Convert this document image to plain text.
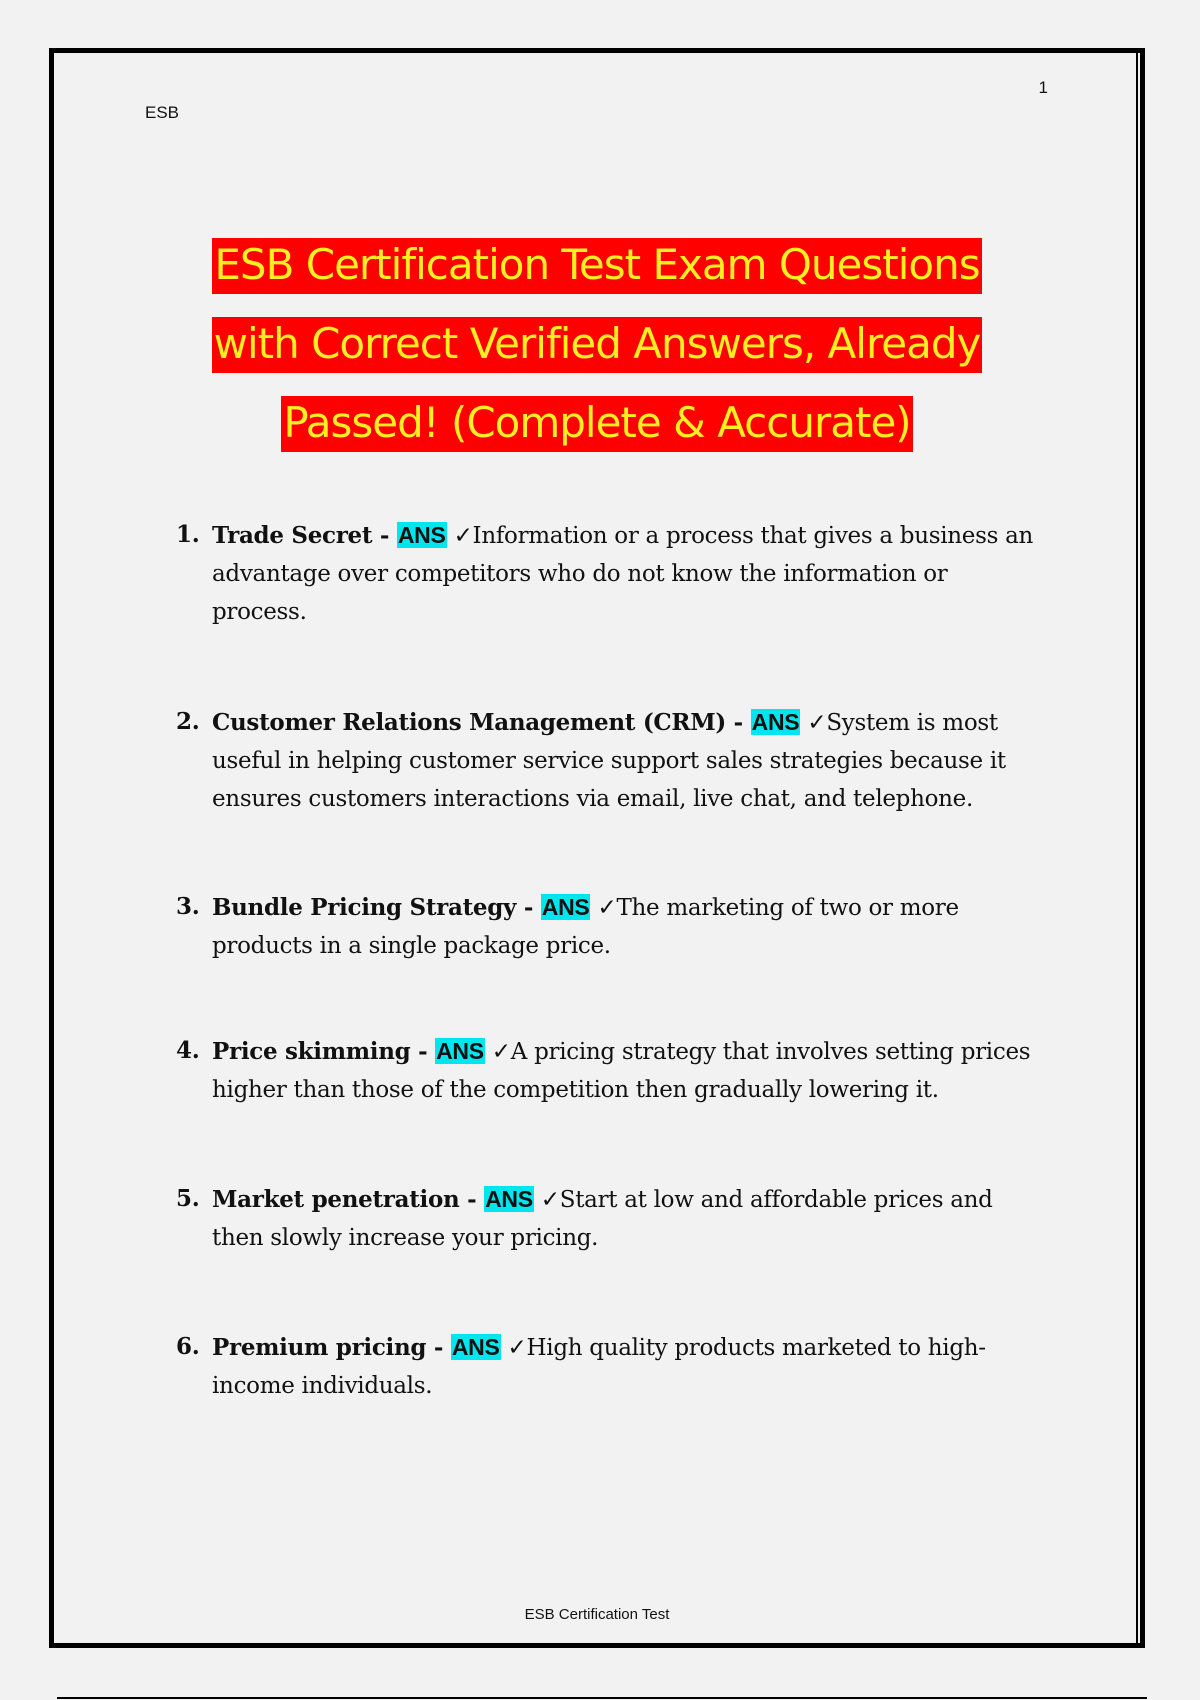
ESB
1
ESB Certification Test Exam Questions
with Correct Verified Answers, Already
Passed! (Complete & Accurate)
1. Trade Secret - ANS ✓Information or a process that gives a business an advantage over competitors who do not know the information or process.
2. Customer Relations Management (CRM) - ANS ✓System is most useful in helping customer service support sales strategies because it ensures customers interactions via email, live chat, and telephone.
3. Bundle Pricing Strategy - ANS ✓The marketing of two or more products in a single package price.
4. Price skimming - ANS ✓A pricing strategy that involves setting prices higher than those of the competition then gradually lowering it.
5. Market penetration - ANS ✓Start at low and affordable prices and then slowly increase your pricing.
6. Premium pricing - ANS ✓High quality products marketed to high-income individuals.
ESB Certification Test
